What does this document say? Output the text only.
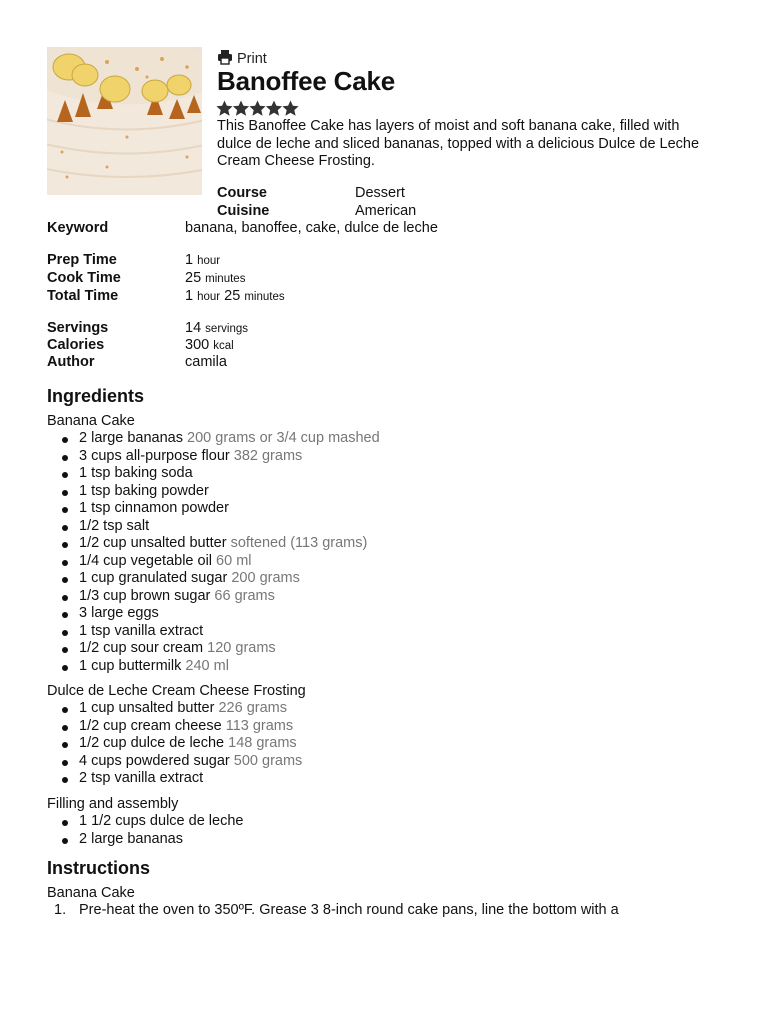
Print
Banoffee Cake

This Banoffee Cake has layers of moist and soft banana cake, filled with dulce de leche and sliced bananas, topped with a delicious Dulce de Leche Cream Cheese Frosting.

Course	Dessert
Cuisine	American
Keyword	banana, banoffee, cake, dulce de leche
Prep Time	1 hour
Cook Time	25 minutes
Total Time	1 hour 25 minutes
Servings	14 servings
Calories	300 kcal
Author	camila
Ingredients
Banana Cake
2 large bananas 200 grams or 3/4 cup mashed
3 cups all-purpose flour 382 grams
1 tsp baking soda
1 tsp baking powder
1 tsp cinnamon powder
1/2 tsp salt
1/2 cup unsalted butter softened (113 grams)
1/4 cup vegetable oil 60 ml
1 cup granulated sugar 200 grams
1/3 cup brown sugar 66 grams
3 large eggs
1 tsp vanilla extract
1/2 cup sour cream 120 grams
1 cup buttermilk 240 ml
Dulce de Leche Cream Cheese Frosting
1 cup unsalted butter 226 grams
1/2 cup cream cheese 113 grams
1/2 cup dulce de leche 148 grams
4 cups powdered sugar 500 grams
2 tsp vanilla extract
Filling and assembly
1 1/2 cups dulce de leche
2 large bananas
Instructions
Banana Cake
1. Pre-heat the oven to 350ºF. Grease 3 8-inch round cake pans, line the bottom with a
